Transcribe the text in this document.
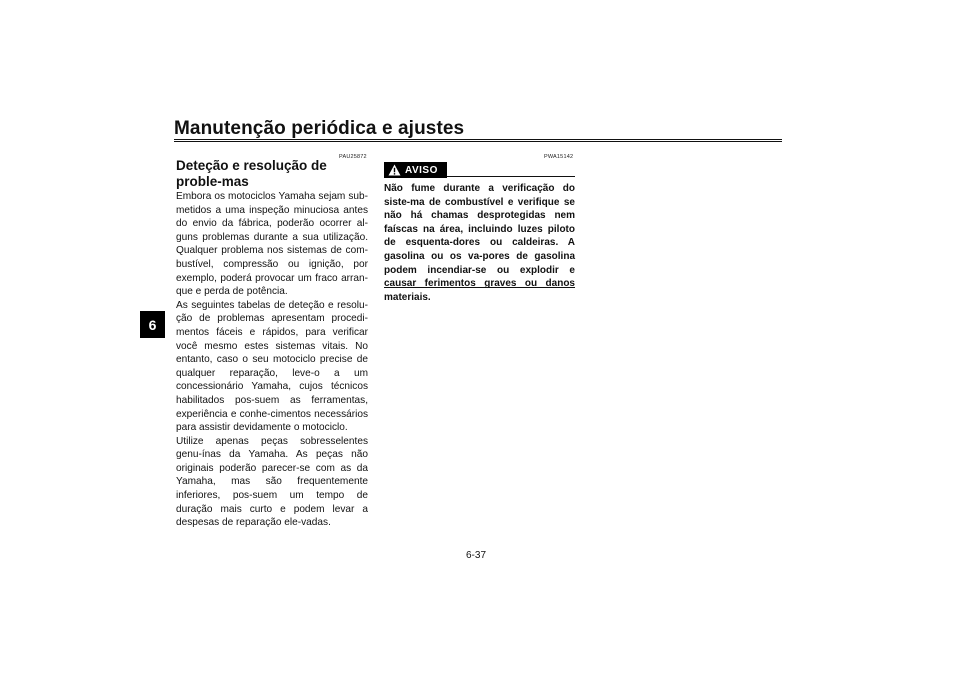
Manutenção periódica e ajustes
6
PAU25872
Deteção e resolução de proble-mas

Embora os motociclos Yamaha sejam sub-metidos a uma inspeção minuciosa antes do envio da fábrica, poderão ocorrer al-guns problemas durante a sua utilização. Qualquer problema nos sistemas de com-bustível, compressão ou ignição, por exemplo, poderá provocar um fraco arran-que e perda de potência.

As seguintes tabelas de deteção e resolu-ção de problemas apresentam procedi-mentos fáceis e rápidos, para verificar você mesmo estes sistemas vitais. No entanto, caso o seu motociclo precise de qualquer reparação, leve-o a um concessionário Yamaha, cujos técnicos habilitados pos-suem as ferramentas, experiência e conhe-cimentos necessários para assistir devidamente o motociclo.

Utilize apenas peças sobresselentes genu-ínas da Yamaha. As peças não originais poderão parecer-se com as da Yamaha, mas são frequentemente inferiores, pos-suem um tempo de duração mais curto e podem levar a despesas de reparação ele-vadas.

PWA15142
AVISO

Não fume durante a verificação do siste-ma de combustível e verifique se não há chamas desprotegidas nem faíscas na área, incluindo luzes piloto de esquenta-dores ou caldeiras. A gasolina ou os va-pores de gasolina podem incendiar-se ou explodir e causar ferimentos graves ou danos materiais.

6-37
